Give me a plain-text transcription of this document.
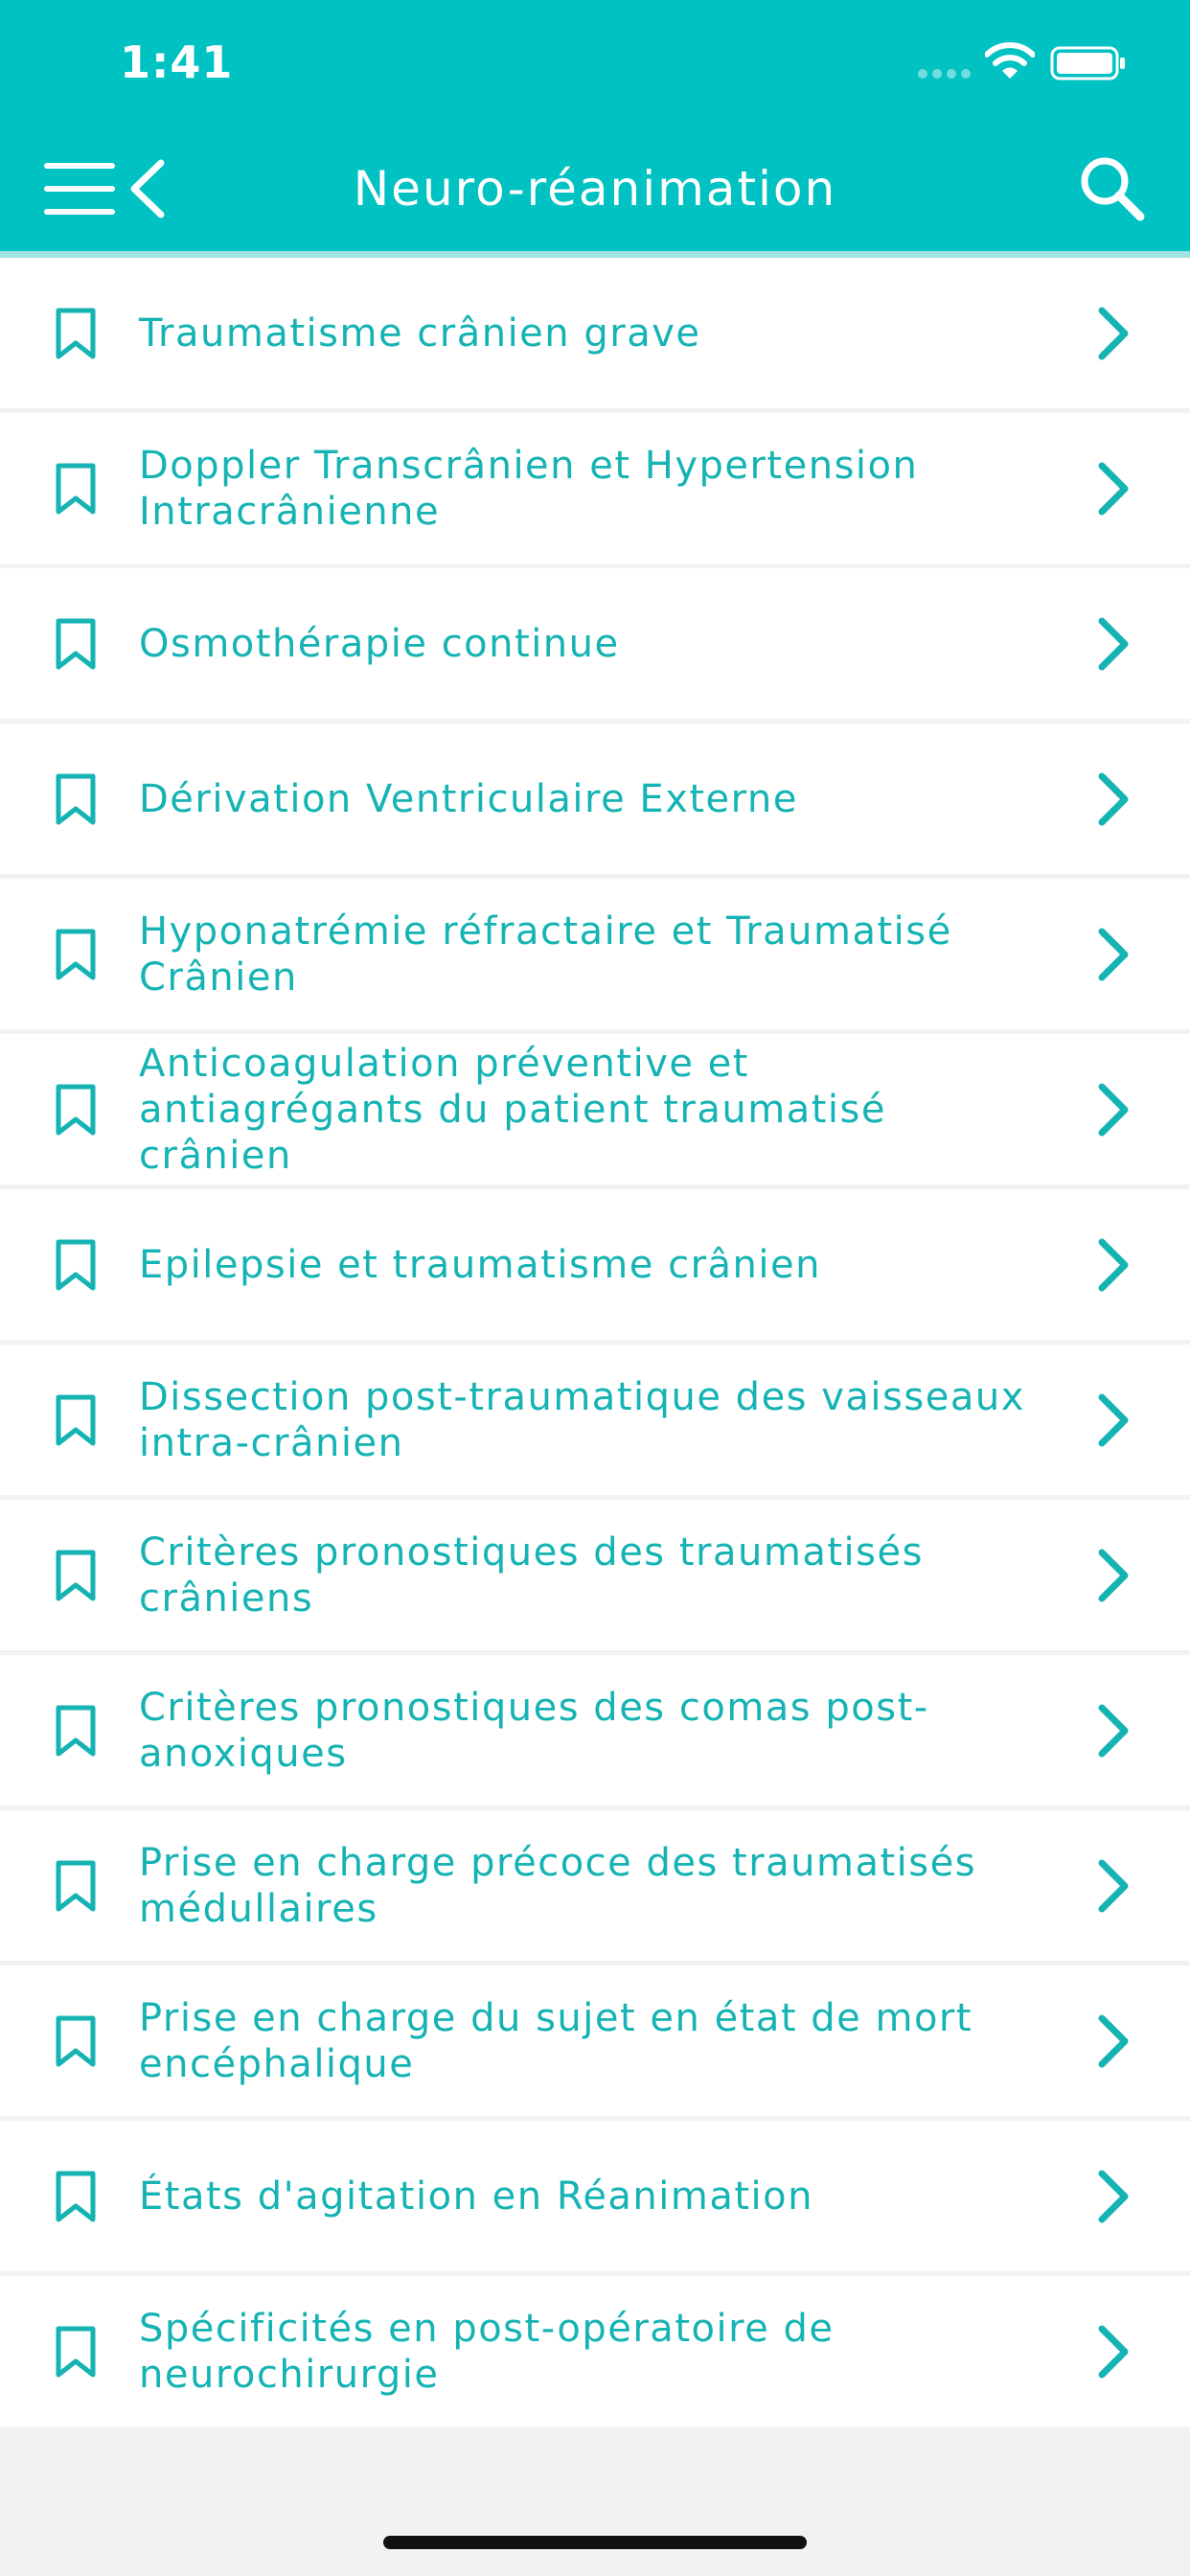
1:41
Neuro-réanimation
Traumatisme crânien grave
Doppler Transcrânien et Hypertension Intracrânienne
Osmothérapie continue
Dérivation Ventriculaire Externe
Hyponatrémie réfractaire et Traumatisé Crânien
Anticoagulation préventive et antiagrégants du patient traumatisé crânien
Epilepsie et traumatisme crânien
Dissection post-traumatique des vaisseaux intra-crânien
Critères pronostiques des traumatisés crâniens
Critères pronostiques des comas post-anoxiques
Prise en charge précoce des traumatisés médullaires
Prise en charge du sujet en état de mort encéphalique
États d'agitation en Réanimation
Spécificités en post-opératoire de neurochirurgie
